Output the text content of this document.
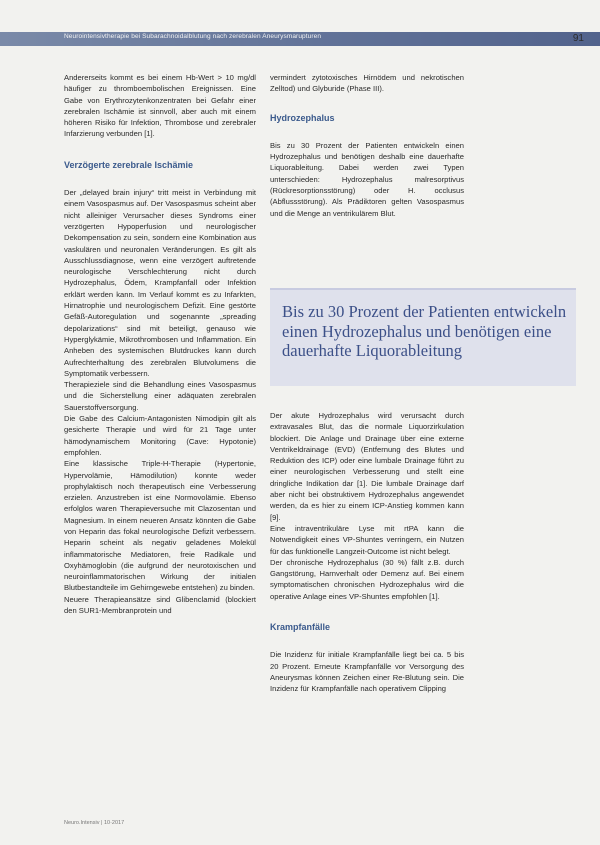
Neurointensivtherapie bei Subarachnoidalblutung nach zerebralen Aneurysmarupturen	91

Andererseits kommt es bei einem Hb-Wert > 10 mg/dl häufiger zu thromboembolischen Ereignissen. Eine Gabe von Erythrozytenkonzentraten bei Gefahr einer zerebralen Ischämie ist sinnvoll, aber auch mit einem höheren Risiko für Infektion, Thrombose und zerebraler Infarzierung verbunden [1].

Verzögerte zerebrale Ischämie

Der „delayed brain injury“ tritt meist in Verbindung mit einem Vasospasmus auf. Der Vasospasmus scheint aber nicht alleiniger Verursacher dieses Syndroms einer verzögerten Hypoperfusion und neurologischer Dekompensation zu sein, sondern eine Kombination aus vaskulären und neuronalen Veränderungen. Es gilt als Ausschlussdiagnose, wenn eine verzögert auftretende neurologische Verschlechterung nicht durch Hydrozephalus, Ödem, Krampfanfall oder Infektion erklärt werden kann. Im Verlauf kommt es zu Infarkten, Hirnatrophie und neurologischem Defizit. Eine gestörte Gefäß-Autoregulation und sogenannte „spreading depolarizations“ sind mit beteiligt, genauso wie Hyperglykämie, Mikrothrombosen und Inflammation. Ein Anheben des systemischen Blutdruckes kann durch Aufrechterhaltung des zerebralen Blutvolumens die Symptomatik verbessern.

Therapieziele sind die Behandlung eines Vasospasmus und die Sicherstellung einer adäquaten zerebralen Sauerstoffversorgung.

Die Gabe des Calcium-Antagonisten Nimodipin gilt als gesicherte Therapie und wird für 21 Tage unter hämodynamischem Monitoring (Cave: Hypotonie) empfohlen.

Eine klassische Triple-H-Therapie (Hypertonie, Hypervolämie, Hämodilution) konnte weder prophylaktisch noch therapeutisch eine Verbesserung erzielen. Anzustreben ist eine Normovolämie. Ebenso erfolglos waren Therapieversuche mit Clazosentan und Magnesium. In einem neueren Ansatz könnten die Gabe von Heparin das fokal neurologische Defizit verbessern. Heparin scheint als negativ geladenes Molekül inflammatorische Mediatoren, freie Radikale und Oxyhämoglobin (die aufgrund der neurotoxischen und neuroinflammatorischen Wirkung der initialen Blutbestandteile im Gehirngewebe entstehen) zu binden.

Neuere Therapieansätze sind Glibenclamid (blockiert den SUR1-Membranprotein und

vermindert zytotoxisches Hirnödem und nekrotischen Zelltod) und Glyburide (Phase III).

Hydrozephalus

Bis zu 30 Prozent der Patienten entwickeln einen Hydrozephalus und benötigen deshalb eine dauerhafte Liquorableitung. Dabei werden zwei Typen unterschieden: Hydrozephalus malresorptivus (Rückresorptionsstörung) oder H. occlusus (Abflussstörung). Als Prädiktoren gelten Vasospasmus und die Menge an ventrikulärem Blut.

Bis zu 30 Prozent der Patienten entwickeln einen Hydrozephalus und benötigen eine dauerhafte Liquorableitung

Der akute Hydrozephalus wird verursacht durch extravasales Blut, das die normale Liquorzirkulation blockiert. Die Anlage und Drainage über eine externe Ventrikeldrainage (EVD) (Entfernung des Blutes und Reduktion des ICP) oder eine lumbale Drainage führt zu einer neurologischen Verbesserung und stellt eine dringliche Indikation dar [1]. Die lumbale Drainage darf aber nicht bei obstruktivem Hydrozephalus angewendet werden, da es hier zu einem ICP-Anstieg kommen kann [9].

Eine intraventrikuläre Lyse mit rtPA kann die Notwendigkeit eines VP-Shuntes verringern, ein Nutzen für das funktionelle Langzeit-Outcome ist nicht belegt.

Der chronische Hydrozephalus (30 %) fällt z.B. durch Gangstörung, Harnverhalt oder Demenz auf. Bei einem symptomatischen chronischen Hydrozephalus wird die operative Anlage eines VP-Shuntes empfohlen [1].

Krampfanfälle

Die Inzidenz für initiale Krampfanfälle liegt bei ca. 5 bis 20 Prozent. Erneute Krampfanfälle vor Versorgung des Aneurysmas können Zeichen einer Re-Blutung sein. Die Inzidenz für Krampfanfälle nach operativem Clipping

Neuro.Intensiv | 10·2017
